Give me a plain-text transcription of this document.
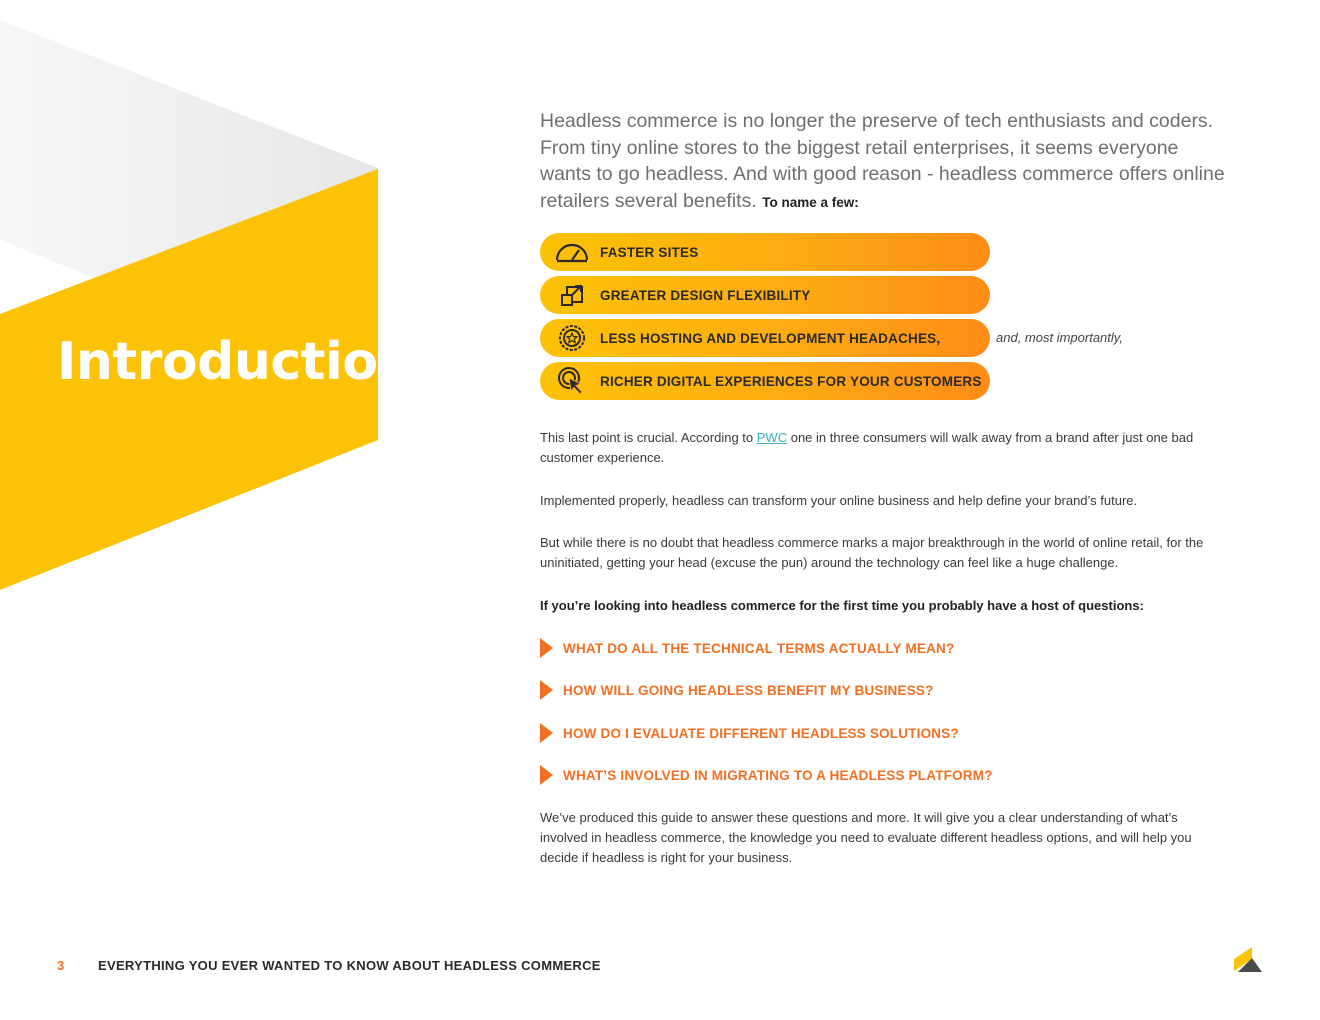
Introduction

Headless commerce is no longer the preserve of tech enthusiasts and coders. From tiny online stores to the biggest retail enterprises, it seems everyone wants to go headless. And with good reason - headless commerce offers online retailers several benefits. To name a few:

FASTER SITES
GREATER DESIGN FLEXIBILITY
LESS HOSTING AND DEVELOPMENT HEADACHES,
RICHER DIGITAL EXPERIENCES FOR YOUR CUSTOMERS
and, most importantly,

This last point is crucial. According to PWC one in three consumers will walk away from a brand after just one bad customer experience.

Implemented properly, headless can transform your online business and help define your brand’s future.

But while there is no doubt that headless commerce marks a major breakthrough in the world of online retail, for the uninitiated, getting your head (excuse the pun) around the technology can feel like a huge challenge.

If you’re looking into headless commerce for the first time you probably have a host of questions:

WHAT DO ALL THE TECHNICAL TERMS ACTUALLY MEAN?
HOW WILL GOING HEADLESS BENEFIT MY BUSINESS?
HOW DO I EVALUATE DIFFERENT HEADLESS SOLUTIONS?
WHAT’S INVOLVED IN MIGRATING TO A HEADLESS PLATFORM?

We’ve produced this guide to answer these questions and more. It will give you a clear understanding of what’s involved in headless commerce, the knowledge you need to evaluate different headless options, and will help you decide if headless is right for your business.

3	EVERYTHING YOU EVER WANTED TO KNOW ABOUT HEADLESS COMMERCE
